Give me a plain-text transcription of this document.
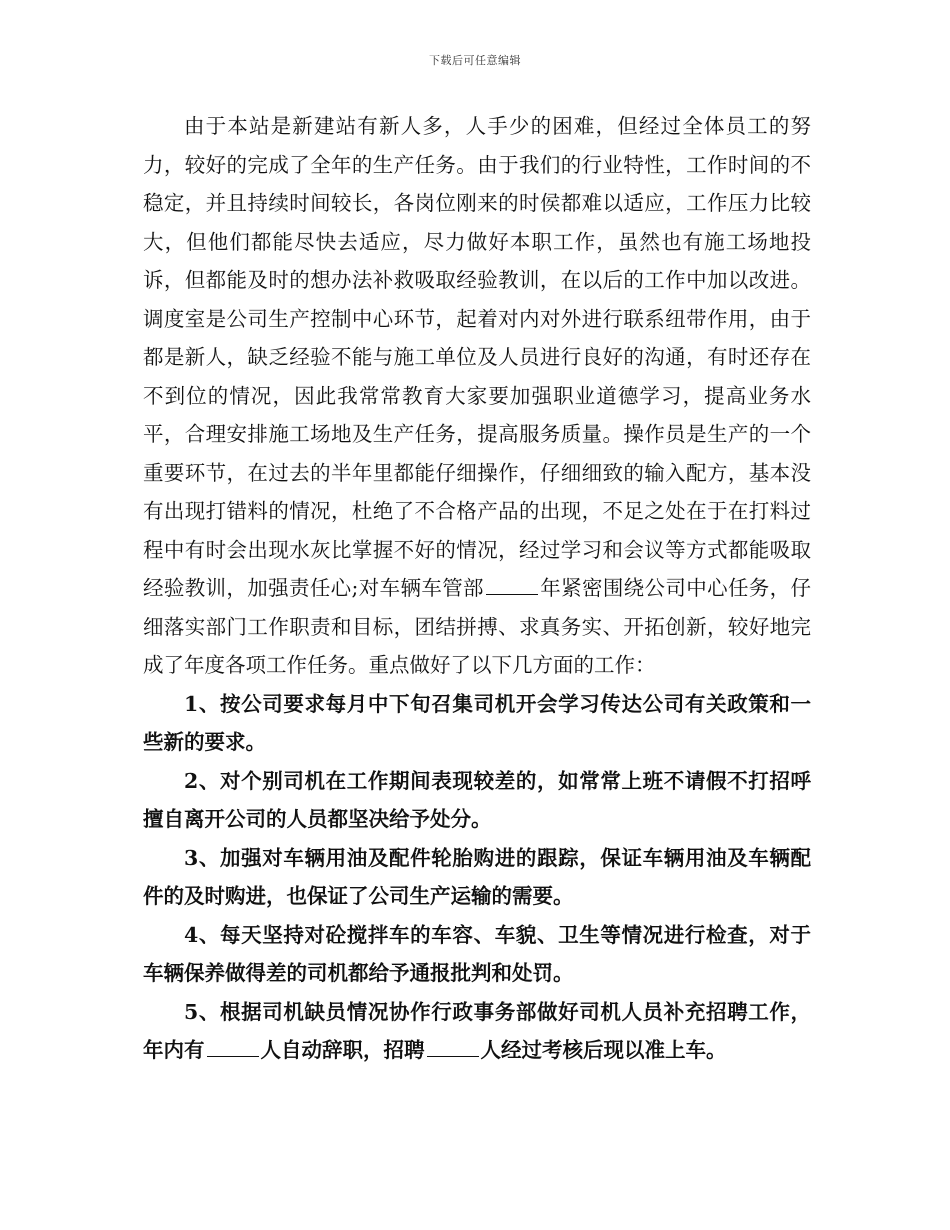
下载后可任意编辑

由于本站是新建站有新人多，人手少的困难，但经过全体员工的努力，较好的完成了全年的生产任务。由于我们的行业特性，工作时间的不稳定，并且持续时间较长，各岗位刚来的时侯都难以适应，工作压力比较大，但他们都能尽快去适应，尽力做好本职工作，虽然也有施工场地投诉，但都能及时的想办法补救吸取经验教训，在以后的工作中加以改进。调度室是公司生产控制中心环节，起着对内对外进行联系纽带作用，由于都是新人，缺乏经验不能与施工单位及人员进行良好的沟通，有时还存在不到位的情况，因此我常常教育大家要加强职业道德学习，提高业务水平，合理安排施工场地及生产任务，提高服务质量。操作员是生产的一个重要环节，在过去的半年里都能仔细操作，仔细细致的输入配方，基本没有出现打错料的情况，杜绝了不合格产品的出现，不足之处在于在打料过程中有时会出现水灰比掌握不好的情况，经过学习和会议等方式都能吸取经验教训，加强责任心;对车辆车管部	年紧密围绕公司中心任务，仔细落实部门工作职责和目标，团结拼搏、求真务实、开拓创新，较好地完成了年度各项工作任务。重点做好了以下几方面的工作：

1、按公司要求每月中下旬召集司机开会学习传达公司有关政策和一些新的要求。

2、对个别司机在工作期间表现较差的，如常常上班不请假不打招呼擅自离开公司的人员都坚决给予处分。

3、加强对车辆用油及配件轮胎购进的跟踪，保证车辆用油及车辆配件的及时购进，也保证了公司生产运输的需要。

4、每天坚持对砼搅拌车的车容、车貌、卫生等情况进行检查，对于车辆保养做得差的司机都给予通报批判和处罚。

5、根据司机缺员情况协作行政事务部做好司机人员补充招聘工作，年内有	人自动辞职，招聘	人经过考核后现以准上车。
